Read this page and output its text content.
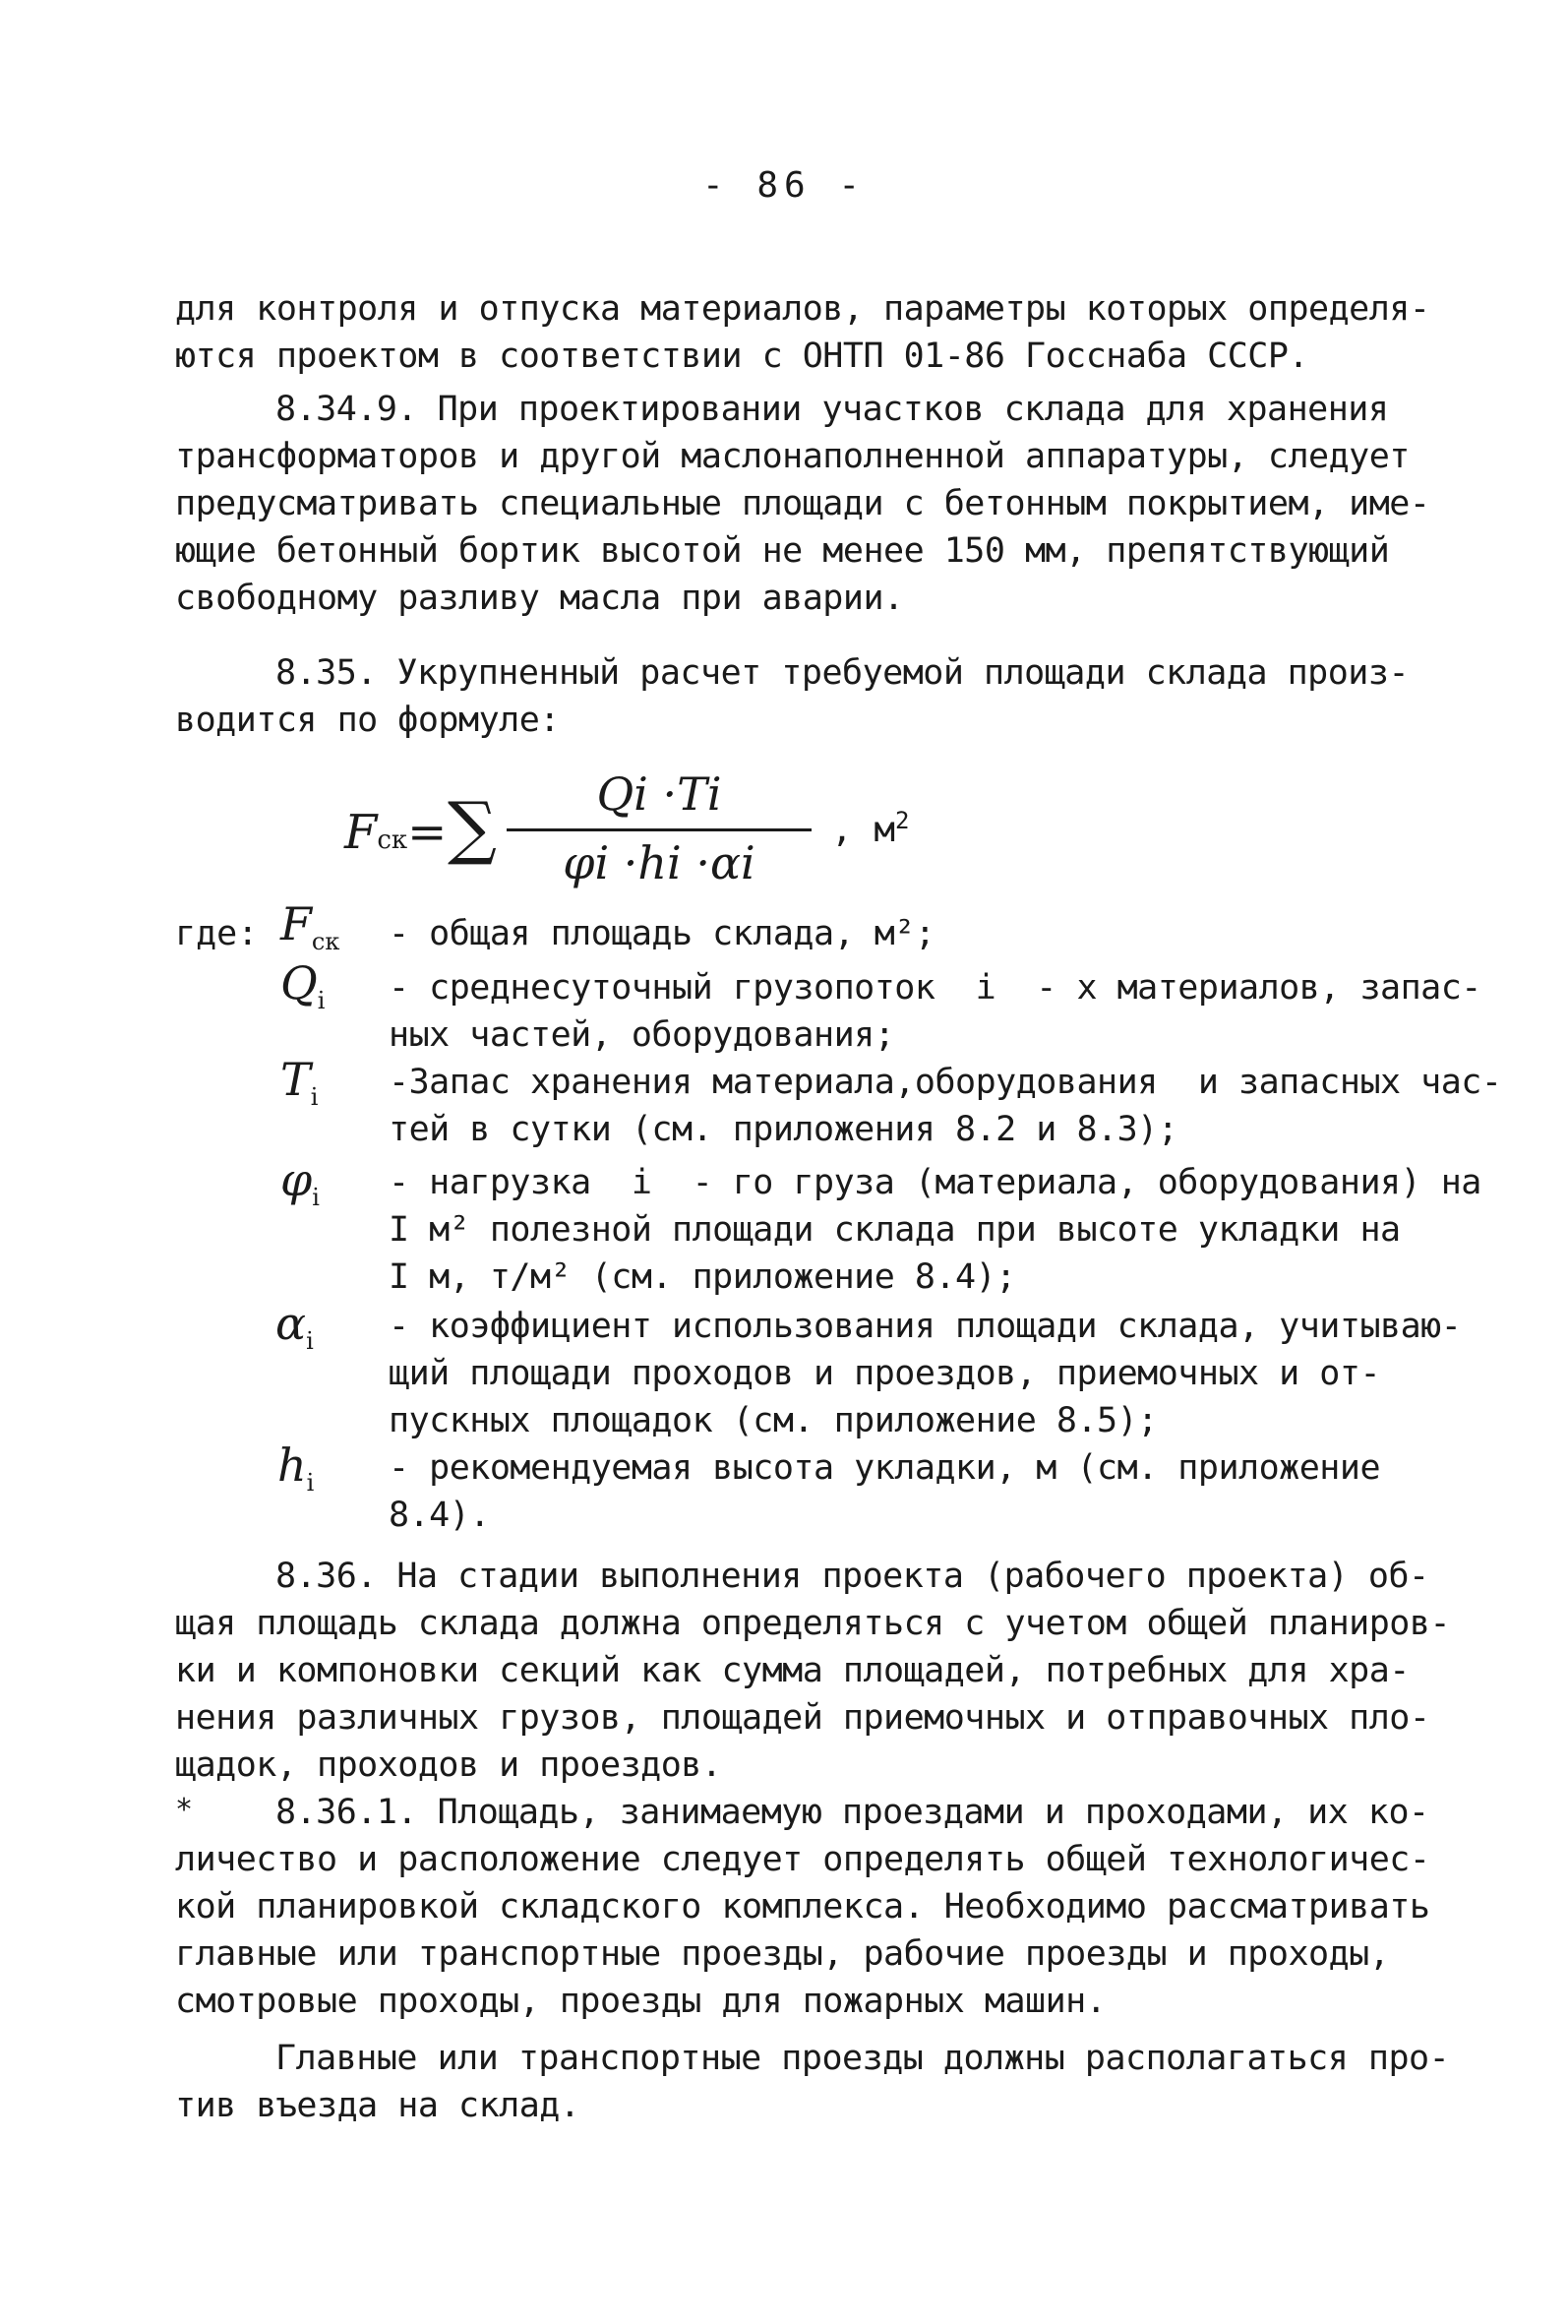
- 86 -
для контроля и отпуска материалов, параметры которых определя-
ются проектом в соответствии с ОНТП 01-86 Госснаба СССР.
8.34.9. При проектировании участков склада для хранения
трансформаторов и другой маслонаполненной аппаратуры, следует
предусматривать специальные площади с бетонным покрытием, име-
ющие бетонный бортик высотой не менее 150 мм, препятствующий
свободному разливу масла при аварии.
8.35. Укрупненный расчет требуемой площади склада произ-
водится по формуле:
Fск= ∑	Qi ·Ti
φi ·hi ·αi
, $м^2$
где: $F_{ск}$ - общая площадь склада, м²;
$Q_i$ - среднесуточный грузопоток  i  - х материалов, запас-
ных частей, оборудования;
$T_i$ -Запас хранения материала,оборудования  и запасных час-
тей в сутки (см. приложения 8.2 и 8.3);
$\varphi_i$ - нагрузка  i  - го груза (материала, оборудования) на
I м² полезной площади склада при высоте укладки на
I м, т/м² (см. приложение 8.4);
$\alpha_i$ - коэффициент использования площади склада, учитываю-
щий площади проходов и проездов, приемочных и от-
пускных площадок (см. приложение 8.5);
$h_i$ - рекомендуемая высота укладки, м (см. приложение
8.4).
8.36. На стадии выполнения проекта (рабочего проекта) об-
щая площадь склада должна определяться с учетом общей планиров-
ки и компоновки секций как сумма площадей, потребных для хра-
нения различных грузов, площадей приемочных и отправочных пло-
щадок, проходов и проездов.
* 8.36.1. Площадь, занимаемую проездами и проходами, их ко-
личество и расположение следует определять общей технологичес-
кой планировкой складского комплекса. Необходимо рассматривать
главные или транспортные проезды, рабочие проезды и проходы,
смотровые проходы, проезды для пожарных машин.
Главные или транспортные проезды должны располагаться про-
тив въезда на склад.
